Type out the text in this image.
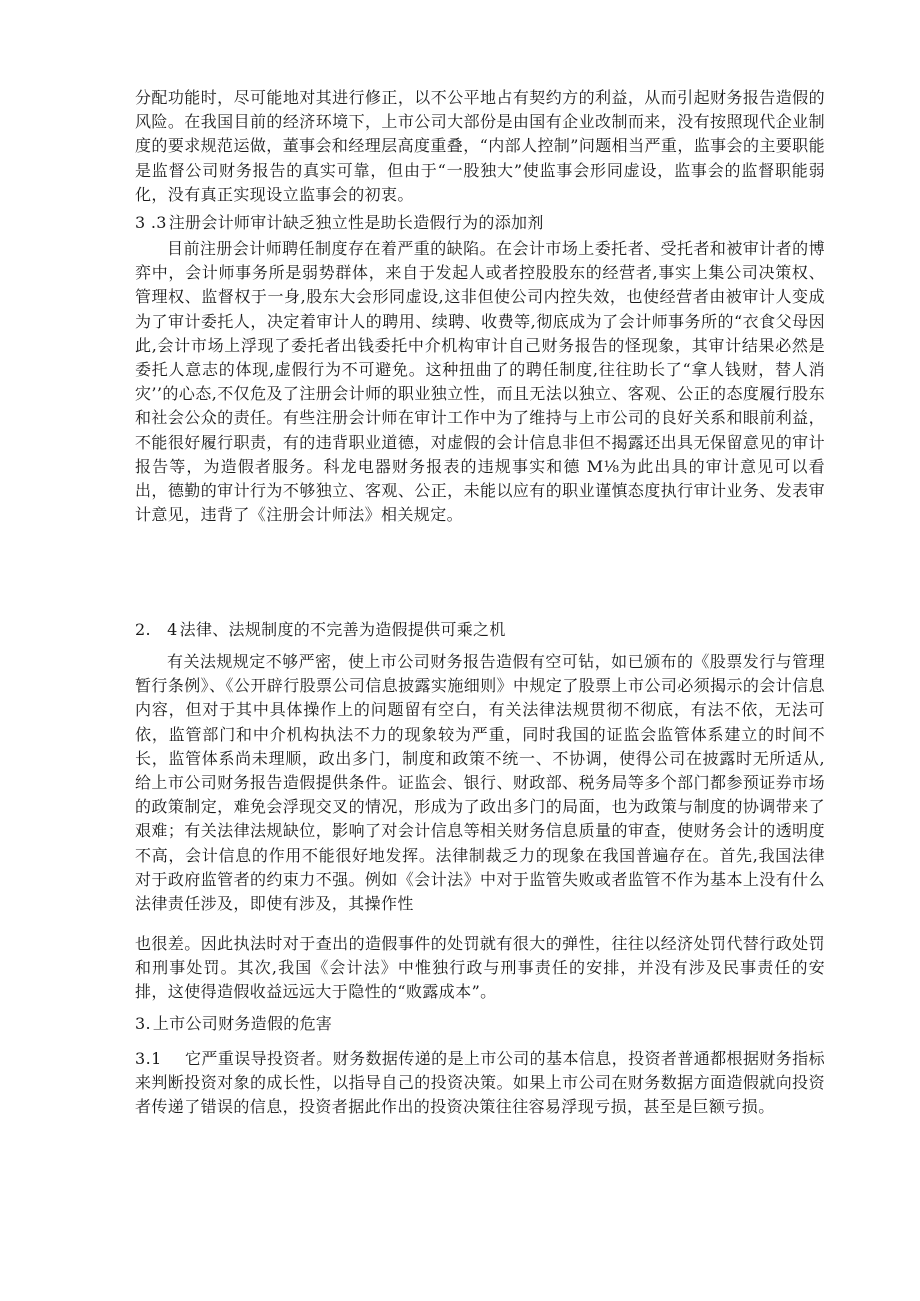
分配功能时，尽可能地对其进行修正，以不公平地占有契约方的利益，从而引起财务报告造假的风险。在我国目前的经济环境下，上市公司大部份是由国有企业改制而来，没有按照现代企业制度的要求规范运做，董事会和经理层高度重叠，“内部人控制”问题相当严重，监事会的主要职能是监督公司财务报告的真实可靠，但由于“一股独大”使监事会形同虚设，监事会的监督职能弱化，没有真正实现设立监事会的初衷。

3 .3 注册会计师审计缺乏独立性是助长造假行为的添加剂

目前注册会计师聘任制度存在着严重的缺陷。在会计市场上委托者、受托者和被审计者的博弈中，会计师事务所是弱势群体，来自于发起人或者控股股东的经营者,事实上集公司决策权、管理权、监督权于一身,股东大会形同虚设,这非但使公司内控失效，也使经营者由被审计人变成为了审计委托人，决定着审计人的聘用、续聘、收费等,彻底成为了会计师事务所的“衣食父母因此,会计市场上浮现了委托者出钱委托中介机构审计自己财务报告的怪现象，其审计结果必然是委托人意志的体现,虚假行为不可避免。这种扭曲了的聘任制度,往往助长了“拿人钱财，替人消灾’’的心态,不仅危及了注册会计师的职业独立性，而且无法以独立、客观、公正的态度履行股东和社会公众的责任。有些注册会计师在审计工作中为了维持与上市公司的良好关系和眼前利益，不能很好履行职责，有的违背职业道德，对虚假的会计信息非但不揭露还出具无保留意见的审计报告等，为造假者服务。科龙电器财务报表的违规事实和德 M⅛为此出具的审计意见可以看出，德勤的审计行为不够独立、客观、公正，未能以应有的职业谨慎态度执行审计业务、发表审计意见，违背了《注册会计师法》相关规定。

2.　4 法律、法规制度的不完善为造假提供可乘之机

有关法规规定不够严密，使上市公司财务报告造假有空可钻，如已颁布的《股票发行与管理暂行条例》、《公开辟行股票公司信息披露实施细则》中规定了股票上市公司必须揭示的会计信息内容，但对于其中具体操作上的问题留有空白，有关法律法规贯彻不彻底，有法不依，无法可依，监管部门和中介机构执法不力的现象较为严重，同时我国的证监会监管体系建立的时间不长，监管体系尚未理顺，政出多门，制度和政策不统一、不协调，使得公司在披露时无所适从,给上市公司财务报告造假提供条件。证监会、银行、财政部、税务局等多个部门都参预证券市场的政策制定，难免会浮现交叉的情况，形成为了政出多门的局面，也为政策与制度的协调带来了艰难；有关法律法规缺位，影响了对会计信息等相关财务信息质量的审查，使财务会计的透明度不高，会计信息的作用不能很好地发挥。法律制裁乏力的现象在我国普遍存在。首先,我国法律对于政府监管者的约束力不强。例如《会计法》中对于监管失败或者监管不作为基本上没有什么法律责任涉及，即使有涉及，其操作性

也很差。因此执法时对于查出的造假事件的处罚就有很大的弹性，往往以经济处罚代替行政处罚和刑事处罚。其次,我国《会计法》中惟独行政与刑事责任的安排，并没有涉及民事责任的安排，这使得造假收益远远大于隐性的“败露成本”。

3. 上市公司财务造假的危害

3.1 它严重误导投资者。财务数据传递的是上市公司的基本信息，投资者普通都根据财务指标来判断投资对象的成长性，以指导自己的投资决策。如果上市公司在财务数据方面造假就向投资者传递了错误的信息，投资者据此作出的投资决策往往容易浮现亏损，甚至是巨额亏损。
